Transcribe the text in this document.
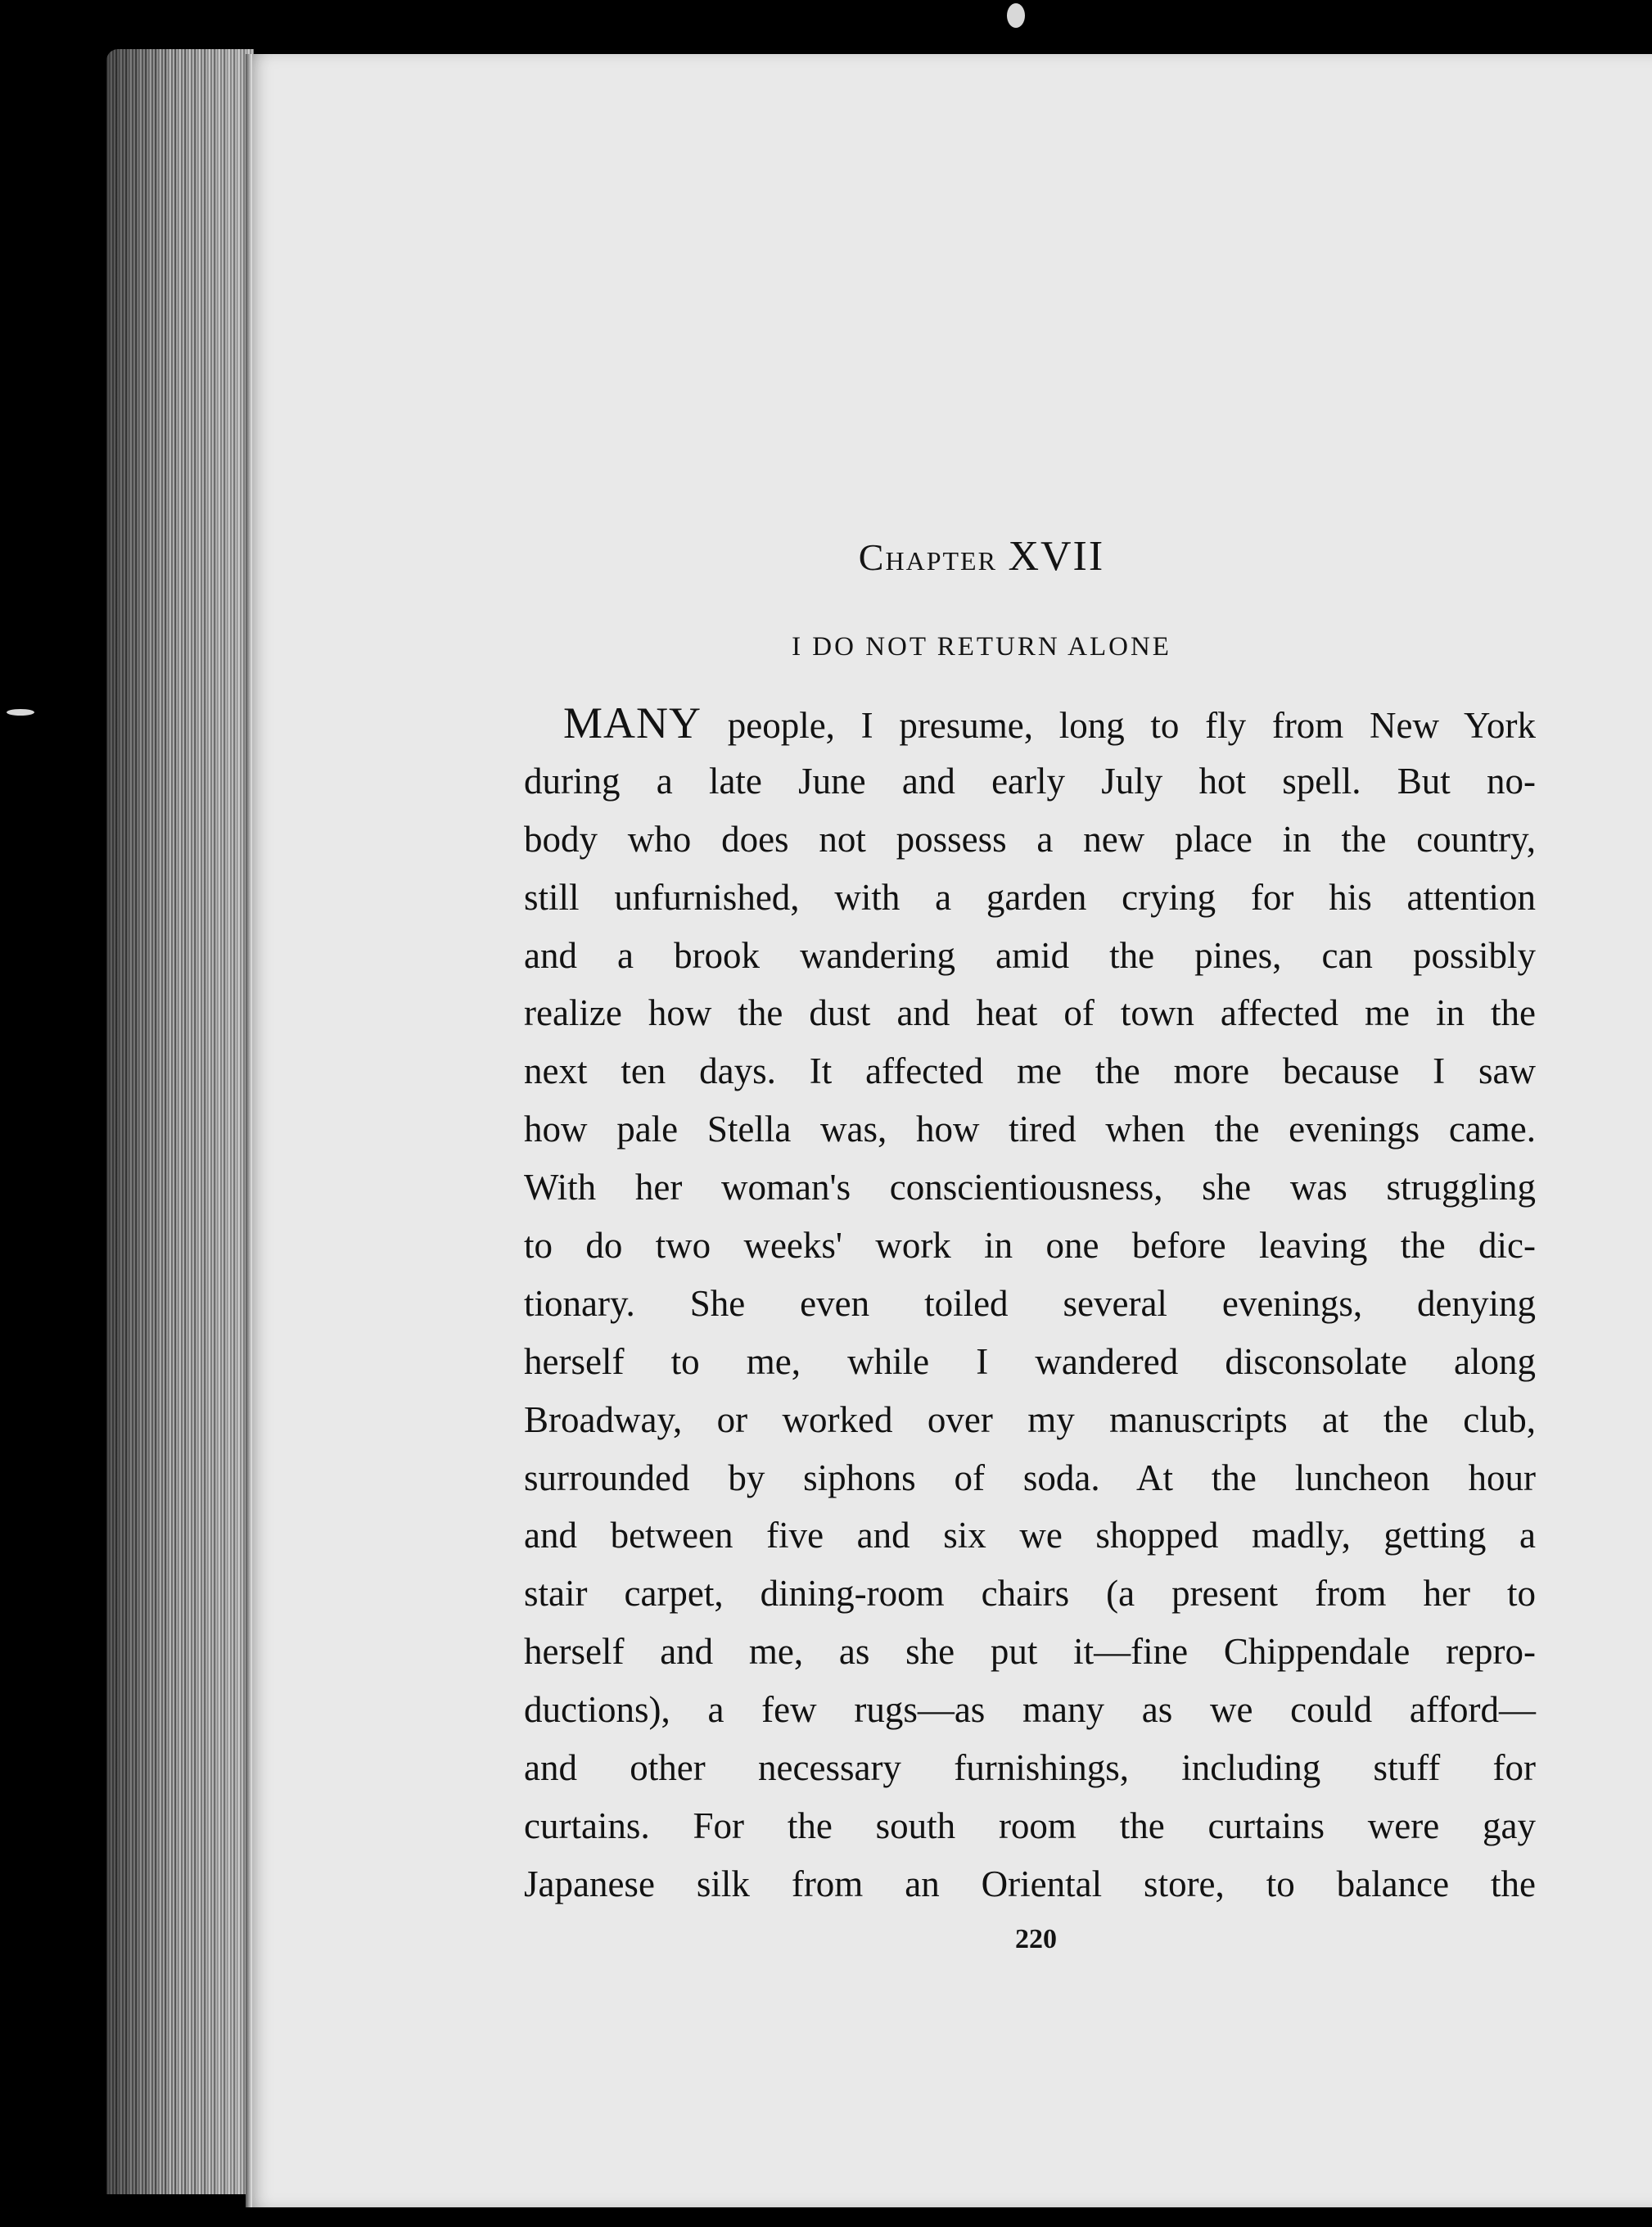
Chapter XVII
I DO NOT RETURN ALONE
MANY people, I presume, long to fly from New York
during a late June and early July hot spell. But no-
body who does not possess a new place in the country,
still unfurnished, with a garden crying for his attention
and a brook wandering amid the pines, can possibly
realize how the dust and heat of town affected me in the
next ten days. It affected me the more because I saw
how pale Stella was, how tired when the evenings came.
With her woman's conscientiousness, she was struggling
to do two weeks' work in one before leaving the dic-
tionary. She even toiled several evenings, denying
herself to me, while I wandered disconsolate along
Broadway, or worked over my manuscripts at the club,
surrounded by siphons of soda. At the luncheon hour
and between five and six we shopped madly, getting a
stair carpet, dining-room chairs (a present from her to
herself and me, as she put it—fine Chippendale repro-
ductions), a few rugs—as many as we could afford—
and other necessary furnishings, including stuff for
curtains. For the south room the curtains were gay
Japanese silk from an Oriental store, to balance the
220
